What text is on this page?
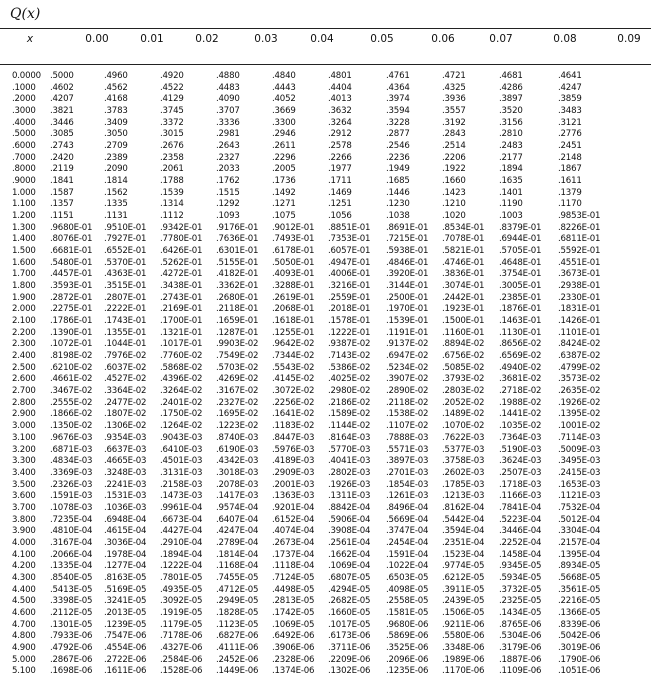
Q(x)
x	0.00	0.01	0.02	0.03	0.04	0.05	0.06	0.07	0.08	0.09
0.0000 .5000	.4960	.4920	.4880	.4840	.4801	.4761	.4721	.4681	.4641
.1000 .4602	.4562	.4522	.4483	.4443	.4404	.4364	.4325	.4286	.4247
.2000 .4207	.4168	.4129	.4090	.4052	.4013	.3974	.3936	.3897	.3859
.3000 .3821	.3783	.3745	.3707	.3669	.3632	.3594	.3557	.3520	.3483
.4000 .3446	.3409	.3372	.3336	.3300	.3264	.3228	.3192	.3156	.3121
.5000 .3085	.3050	.3015	.2981	.2946	.2912	.2877	.2843	.2810	.2776
.6000 .2743	.2709	.2676	.2643	.2611	.2578	.2546	.2514	.2483	.2451
.7000 .2420	.2389	.2358	.2327	.2296	.2266	.2236	.2206	.2177	.2148
.8000 .2119	.2090	.2061	.2033	.2005	.1977	.1949	.1922	.1894	.1867
.9000 .1841	.1814	.1788	.1762	.1736	.1711	.1685	.1660	.1635	.1611
1.000 .1587	.1562	.1539	.1515	.1492	.1469	.1446	.1423	.1401	.1379
1.100 .1357	.1335	.1314	.1292	.1271	.1251	.1230	.1210	.1190	.1170
1.200 .1151	.1131	.1112	.1093	.1075	.1056	.1038	.1020	.1003	.9853E-01
1.300 .9680E-01 .9510E-01 .9342E-01 .9176E-01 .9012E-01 .8851E-01 .8691E-01 .8534E-01 .8379E-01 .8226E-01
1.400 .8076E-01 .7927E-01 .7780E-01 .7636E-01 .7493E-01 .7353E-01 .7215E-01 .7078E-01 .6944E-01 .6811E-01
1.500 .6681E-01 .6552E-01 .6426E-01 .6301E-01 .6178E-01 .6057E-01 .5938E-01 .5821E-01 .5705E-01 .5592E-01
1.600 .5480E-01 .5370E-01 .5262E-01 .5155E-01 .5050E-01 .4947E-01 .4846E-01 .4746E-01 .4648E-01 .4551E-01
1.700 .4457E-01 .4363E-01 .4272E-01 .4182E-01 .4093E-01 .4006E-01 .3920E-01 .3836E-01 .3754E-01 .3673E-01
1.800 .3593E-01 .3515E-01 .3438E-01 .3362E-01 .3288E-01 .3216E-01 .3144E-01 .3074E-01 .3005E-01 .2938E-01
1.900 .2872E-01 .2807E-01 .2743E-01 .2680E-01 .2619E-01 .2559E-01 .2500E-01 .2442E-01 .2385E-01 .2330E-01
2.000 .2275E-01 .2222E-01 .2169E-01 .2118E-01 .2068E-01 .2018E-01 .1970E-01 .1923E-01 .1876E-01 .1831E-01
2.100 .1786E-01 .1743E-01 .1700E-01 .1659E-01 .1618E-01 .1578E-01 .1539E-01 .1500E-01 .1463E-01 .1426E-01
2.200 .1390E-01 .1355E-01 .1321E-01 .1287E-01 .1255E-01 .1222E-01 .1191E-01 .1160E-01 .1130E-01 .1101E-01
2.300 .1072E-01 .1044E-01 .1017E-01 .9903E-02 .9642E-02 .9387E-02 .9137E-02 .8894E-02 .8656E-02 .8424E-02
2.400 .8198E-02 .7976E-02 .7760E-02 .7549E-02 .7344E-02 .7143E-02 .6947E-02 .6756E-02 .6569E-02 .6387E-02
2.500 .6210E-02 .6037E-02 .5868E-02 .5703E-02 .5543E-02 .5386E-02 .5234E-02 .5085E-02 .4940E-02 .4799E-02
2.600 .4661E-02 .4527E-02 .4396E-02 .4269E-02 .4145E-02 .4025E-02 .3907E-02 .3793E-02 .3681E-02 .3573E-02
2.700 .3467E-02 .3364E-02 .3264E-02 .3167E-02 .3072E-02 .2980E-02 .2890E-02 .2803E-02 .2718E-02 .2635E-02
2.800 .2555E-02 .2477E-02 .2401E-02 .2327E-02 .2256E-02 .2186E-02 .2118E-02 .2052E-02 .1988E-02 .1926E-02
2.900 .1866E-02 .1807E-02 .1750E-02 .1695E-02 .1641E-02 .1589E-02 .1538E-02 .1489E-02 .1441E-02 .1395E-02
3.000 .1350E-02 .1306E-02 .1264E-02 .1223E-02 .1183E-02 .1144E-02 .1107E-02 .1070E-02 .1035E-02 .1001E-02
3.100 .9676E-03 .9354E-03 .9043E-03 .8740E-03 .8447E-03 .8164E-03 .7888E-03 .7622E-03 .7364E-03 .7114E-03
3.200 .6871E-03 .6637E-03 .6410E-03 .6190E-03 .5976E-03 .5770E-03 .5571E-03 .5377E-03 .5190E-03 .5009E-03
3.300 .4834E-03 .4665E-03 .4501E-03 .4342E-03 .4189E-03 .4041E-03 .3897E-03 .3758E-03 .3624E-03 .3495E-03
3.400 .3369E-03 .3248E-03 .3131E-03 .3018E-03 .2909E-03 .2802E-03 .2701E-03 .2602E-03 .2507E-03 .2415E-03
3.500 .2326E-03 .2241E-03 .2158E-03 .2078E-03 .2001E-03 .1926E-03 .1854E-03 .1785E-03 .1718E-03 .1653E-03
3.600 .1591E-03 .1531E-03 .1473E-03 .1417E-03 .1363E-03 .1311E-03 .1261E-03 .1213E-03 .1166E-03 .1121E-03
3.700 .1078E-03 .1036E-03 .9961E-04 .9574E-04 .9201E-04 .8842E-04 .8496E-04 .8162E-04 .7841E-04 .7532E-04
3.800 .7235E-04 .6948E-04 .6673E-04 .6407E-04 .6152E-04 .5906E-04 .5669E-04 .5442E-04 .5223E-04 .5012E-04
3.900 .4810E-04 .4615E-04 .4427E-04 .4247E-04 .4074E-04 .3908E-04 .3747E-04 .3594E-04 .3446E-04 .3304E-04
4.000 .3167E-04 .3036E-04 .2910E-04 .2789E-04 .2673E-04 .2561E-04 .2454E-04 .2351E-04 .2252E-04 .2157E-04
4.100 .2066E-04 .1978E-04 .1894E-04 .1814E-04 .1737E-04 .1662E-04 .1591E-04 .1523E-04 .1458E-04 .1395E-04
4.200 .1335E-04 .1277E-04 .1222E-04 .1168E-04 .1118E-04 .1069E-04 .1022E-04 .9774E-05 .9345E-05 .8934E-05
4.300 .8540E-05 .8163E-05 .7801E-05 .7455E-05 .7124E-05 .6807E-05 .6503E-05 .6212E-05 .5934E-05 .5668E-05
4.400 .5413E-05 .5169E-05 .4935E-05 .4712E-05 .4498E-05 .4294E-05 .4098E-05 .3911E-05 .3732E-05 .3561E-05
4.500 .3398E-05 .3241E-05 .3092E-05 .2949E-05 .2813E-05 .2682E-05 .2558E-05 .2439E-05 .2325E-05 .2216E-05
4.600 .2112E-05 .2013E-05 .1919E-05 .1828E-05 .1742E-05 .1660E-05 .1581E-05 .1506E-05 .1434E-05 .1366E-05
4.700 .1301E-05 .1239E-05 .1179E-05 .1123E-05 .1069E-05 .1017E-05 .9680E-06 .9211E-06 .8765E-06 .8339E-06
4.800 .7933E-06 .7547E-06 .7178E-06 .6827E-06 .6492E-06 .6173E-06 .5869E-06 .5580E-06 .5304E-06 .5042E-06
4.900 .4792E-06 .4554E-06 .4327E-06 .4111E-06 .3906E-06 .3711E-06 .3525E-06 .3348E-06 .3179E-06 .3019E-06
5.000 .2867E-06 .2722E-06 .2584E-06 .2452E-06 .2328E-06 .2209E-06 .2096E-06 .1989E-06 .1887E-06 .1790E-06
5.100 .1698E-06 .1611E-06 .1528E-06 .1449E-06 .1374E-06 .1302E-06 .1235E-06 .1170E-06 .1109E-06 .1051E-06
